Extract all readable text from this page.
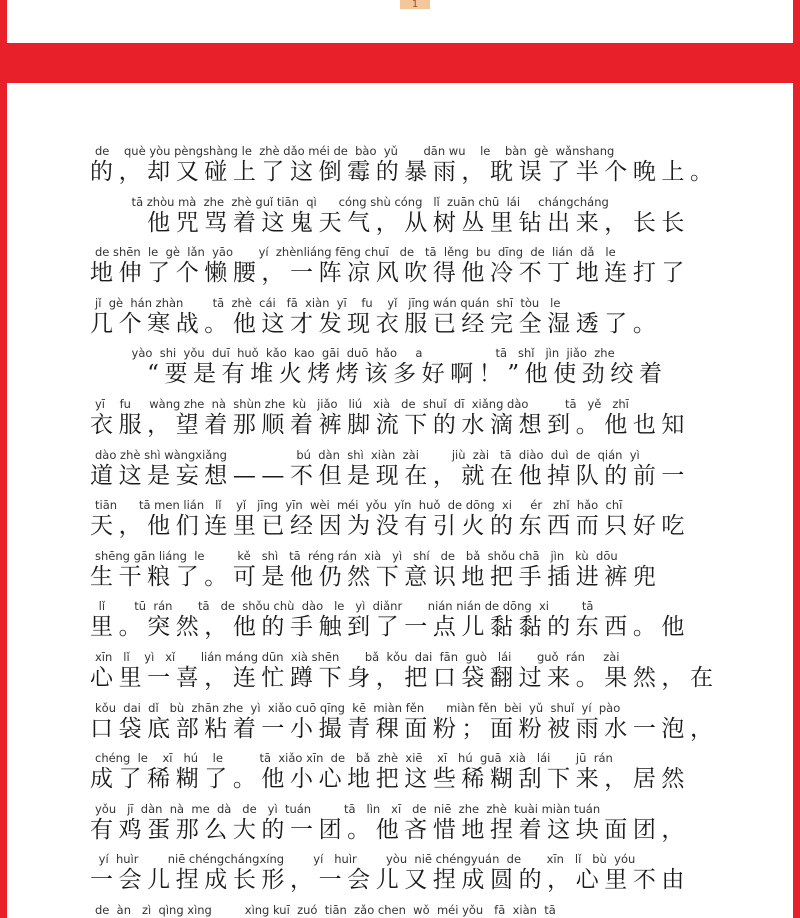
1
de    què yòu pèngshàng le  zhè dǎo méi de  bào  yǔ       dān wu    le    bàn  gè  wǎnshang
的，却又碰上了这倒霉的暴雨，耽误了半个晚上。
tā zhòu mà  zhe  zhè guǐ tiān  qì      cóng shù cóng   lǐ  zuān chū  lái     chángcháng
　　他咒骂着这鬼天气，从树丛里钻出来，长长
de shēn  le  gè  lǎn  yāo       yí  zhènliáng fēng chuī   de   tā  lěng  bu  dīng  de  lián  dǎ   le
地伸了个懒腰，一阵凉风吹得他冷不丁地连打了
jǐ  gè  hán zhàn        tā  zhè  cái   fā  xiàn  yī    fu    yǐ   jīng wán quán  shī  tòu   le
几个寒战。他这才发现衣服已经完全湿透了。
yào  shi  yǒu  duī  huǒ  kǎo  kao  gāi  duō  hǎo     a                    tā   shǐ   jìn  jiǎo  zhe
　　“要是有堆火烤烤该多好啊！”他使劲绞着
yī    fu     wàng zhe  nà  shùn zhe  kù   jiǎo   liú   xià   de  shuǐ  dī  xiǎng dào          tā   yě   zhī
衣服，望着那顺着裤脚流下的水滴想到。他也知
dào zhè shì wàngxiǎng                   bú  dàn  shì  xiàn  zài         jiù  zài   tā  diào  duì  de  qián  yì
道这是妄想——不但是现在，就在他掉队的前一
tiān      tā men lián   lǐ    yǐ   jīng  yīn  wèi  méi  yǒu  yǐn  huǒ  de dōng  xi     ér   zhǐ  hǎo  chī
天，他们连里已经因为没有引火的东西而只好吃
shēng gān liáng  le         kě   shì   tā  réng rán  xià   yì   shí   de   bǎ  shǒu chā   jìn   kù  dōu
生干粮了。可是他仍然下意识地把手插进裤兜
lǐ        tū  rán       tā   de  shǒu chù  dào   le   yì  diǎnr       nián nián de dōng  xi         tā
里。突然，他的手触到了一点儿黏黏的东西。他
xīn   lǐ    yì   xǐ       lián máng dūn  xià shēn       bǎ  kǒu  dai  fān  guò   lái       guǒ  rán     zài
心里一喜，连忙蹲下身，把口袋翻过来。果然，在
kǒu  dai  dǐ   bù  zhān zhe  yì  xiǎo cuō qīng  kē  miàn fěn      miàn fěn  bèi  yǔ  shuǐ  yí  pào
口袋底部粘着一小撮青稞面粉；面粉被雨水一泡，
chéng  le    xī   hú    le          tā  xiǎo xīn  de   bǎ  zhè  xiē    xī   hú  guā  xià   lái       jū  rán
成了稀糊了。他小心地把这些稀糊刮下来，居然
yǒu   jī  dàn  nà  me  dà   de   yì  tuán         tā   lìn   xī   de  niē  zhe  zhè  kuài miàn tuán
有鸡蛋那么大的一团。他吝惜地捏着这块面团，
yí  huìr        niē chéngchángxíng        yí   huìr        yòu  niē chéngyuán  de       xīn   lǐ   bù  yóu
一会儿捏成长形，一会儿又捏成圆的，心里不由
de  àn   zì  qìng xìng         xìng kuī  zuó  tiān  zǎo chen  wǒ  méi yǒu   fā  xiàn  tā
